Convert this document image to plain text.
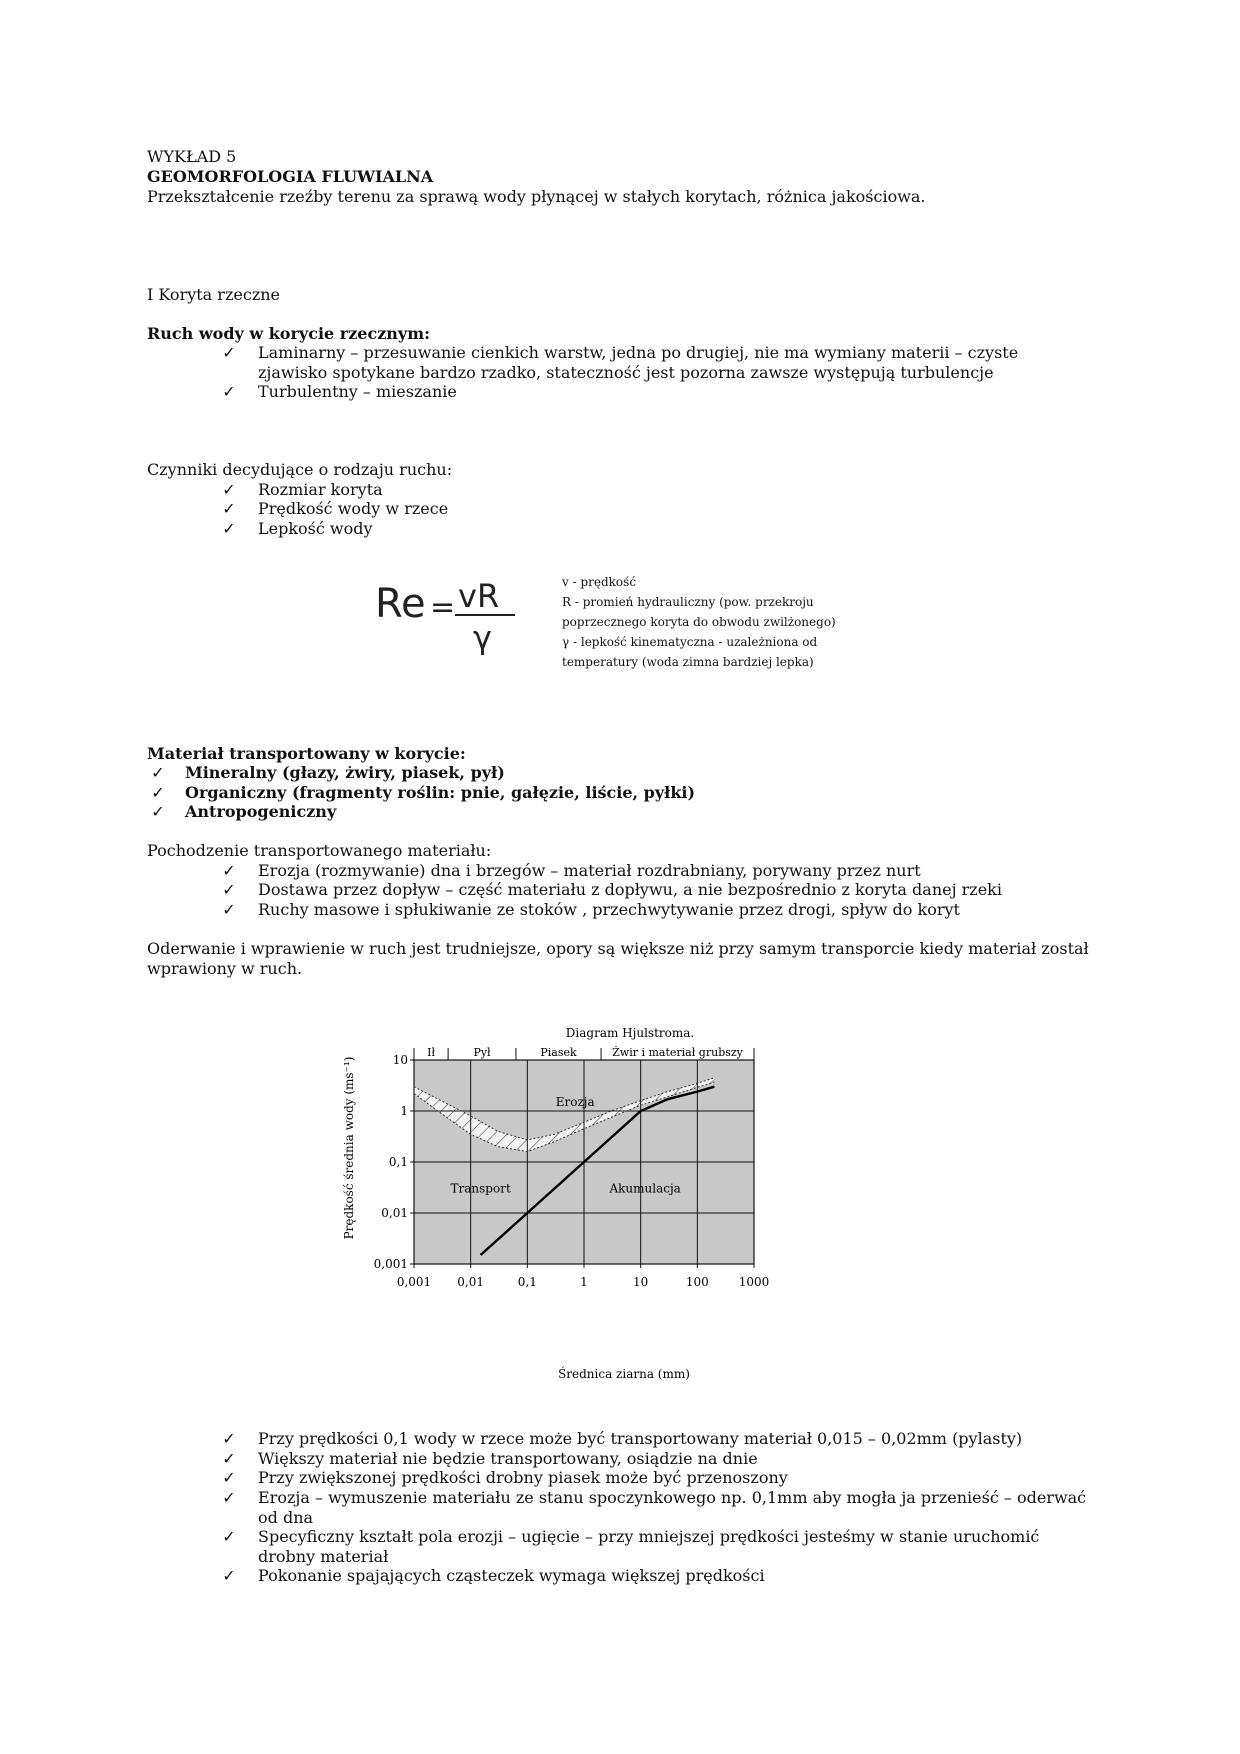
WYKŁAD 5
GEOMORFOLOGIA FLUWIALNA
Przekształcenie rzeźby terenu za sprawą wody płynącej w stałych korytach, różnica jakościowa.
I Koryta rzeczne
Ruch wody w korycie rzecznym:
✓ Laminarny – przesuwanie cienkich warstw, jedna po drugiej, nie ma wymiany materii – czyste
zjawisko spotykane bardzo rzadko, stateczność jest pozorna zawsze występują turbulencje
✓ Turbulentny – mieszanie
Czynniki decydujące o rodzaju ruchu:
✓ Rozmiar koryta
✓ Prędkość wody w rzece
✓ Lepkość wody
Re = vR
γ
v - prędkość
R - promień hydrauliczny (pow. przekroju
poprzecznego koryta do obwodu zwilżonego)
γ - lepkość kinematyczna - uzależniona od
temperatury (woda zimna bardziej lepka)
Materiał transportowany w korycie:
✓ Mineralny (głazy, żwiry, piasek, pył)
✓ Organiczny (fragmenty roślin: pnie, gałęzie, liście, pyłki)
✓ Antropogeniczny
Pochodzenie transportowanego materiału:
✓ Erozja (rozmywanie) dna i brzegów – materiał rozdrabniany, porywany przez nurt
✓ Dostawa przez dopływ – część materiału z dopływu, a nie bezpośrednio z koryta danej rzeki
✓ Ruchy masowe i spłukiwanie ze stoków , przechwytywanie przez drogi, spływ do koryt
Oderwanie i wprawienie w ruch jest trudniejsze, opory są większe niż przy samym transporcie kiedy materiał został
wprawiony w ruch.
Diagram Hjulstroma.
Ił	Pył	Piasek	Żwir i materiał grubszy
0,001 0,01	0,1	1	10	100 1000
10
1
0,1
0,01
0,001
Erozja
Transport	Akumulacja
Średnica ziarna (mm)
Prędkość średnia wody (ms⁻¹)
✓ Przy prędkości 0,1 wody w rzece może być transportowany materiał 0,015 – 0,02mm (pylasty)
✓ Większy materiał nie będzie transportowany, osiądzie na dnie
✓ Przy zwiększonej prędkości drobny piasek może być przenoszony
✓ Erozja – wymuszenie materiału ze stanu spoczynkowego np. 0,1mm aby mogła ja przenieść – oderwać
od dna
✓ Specyficzny kształt pola erozji – ugięcie – przy mniejszej prędkości jesteśmy w stanie uruchomić
drobny materiał
✓ Pokonanie spajających cząsteczek wymaga większej prędkości
